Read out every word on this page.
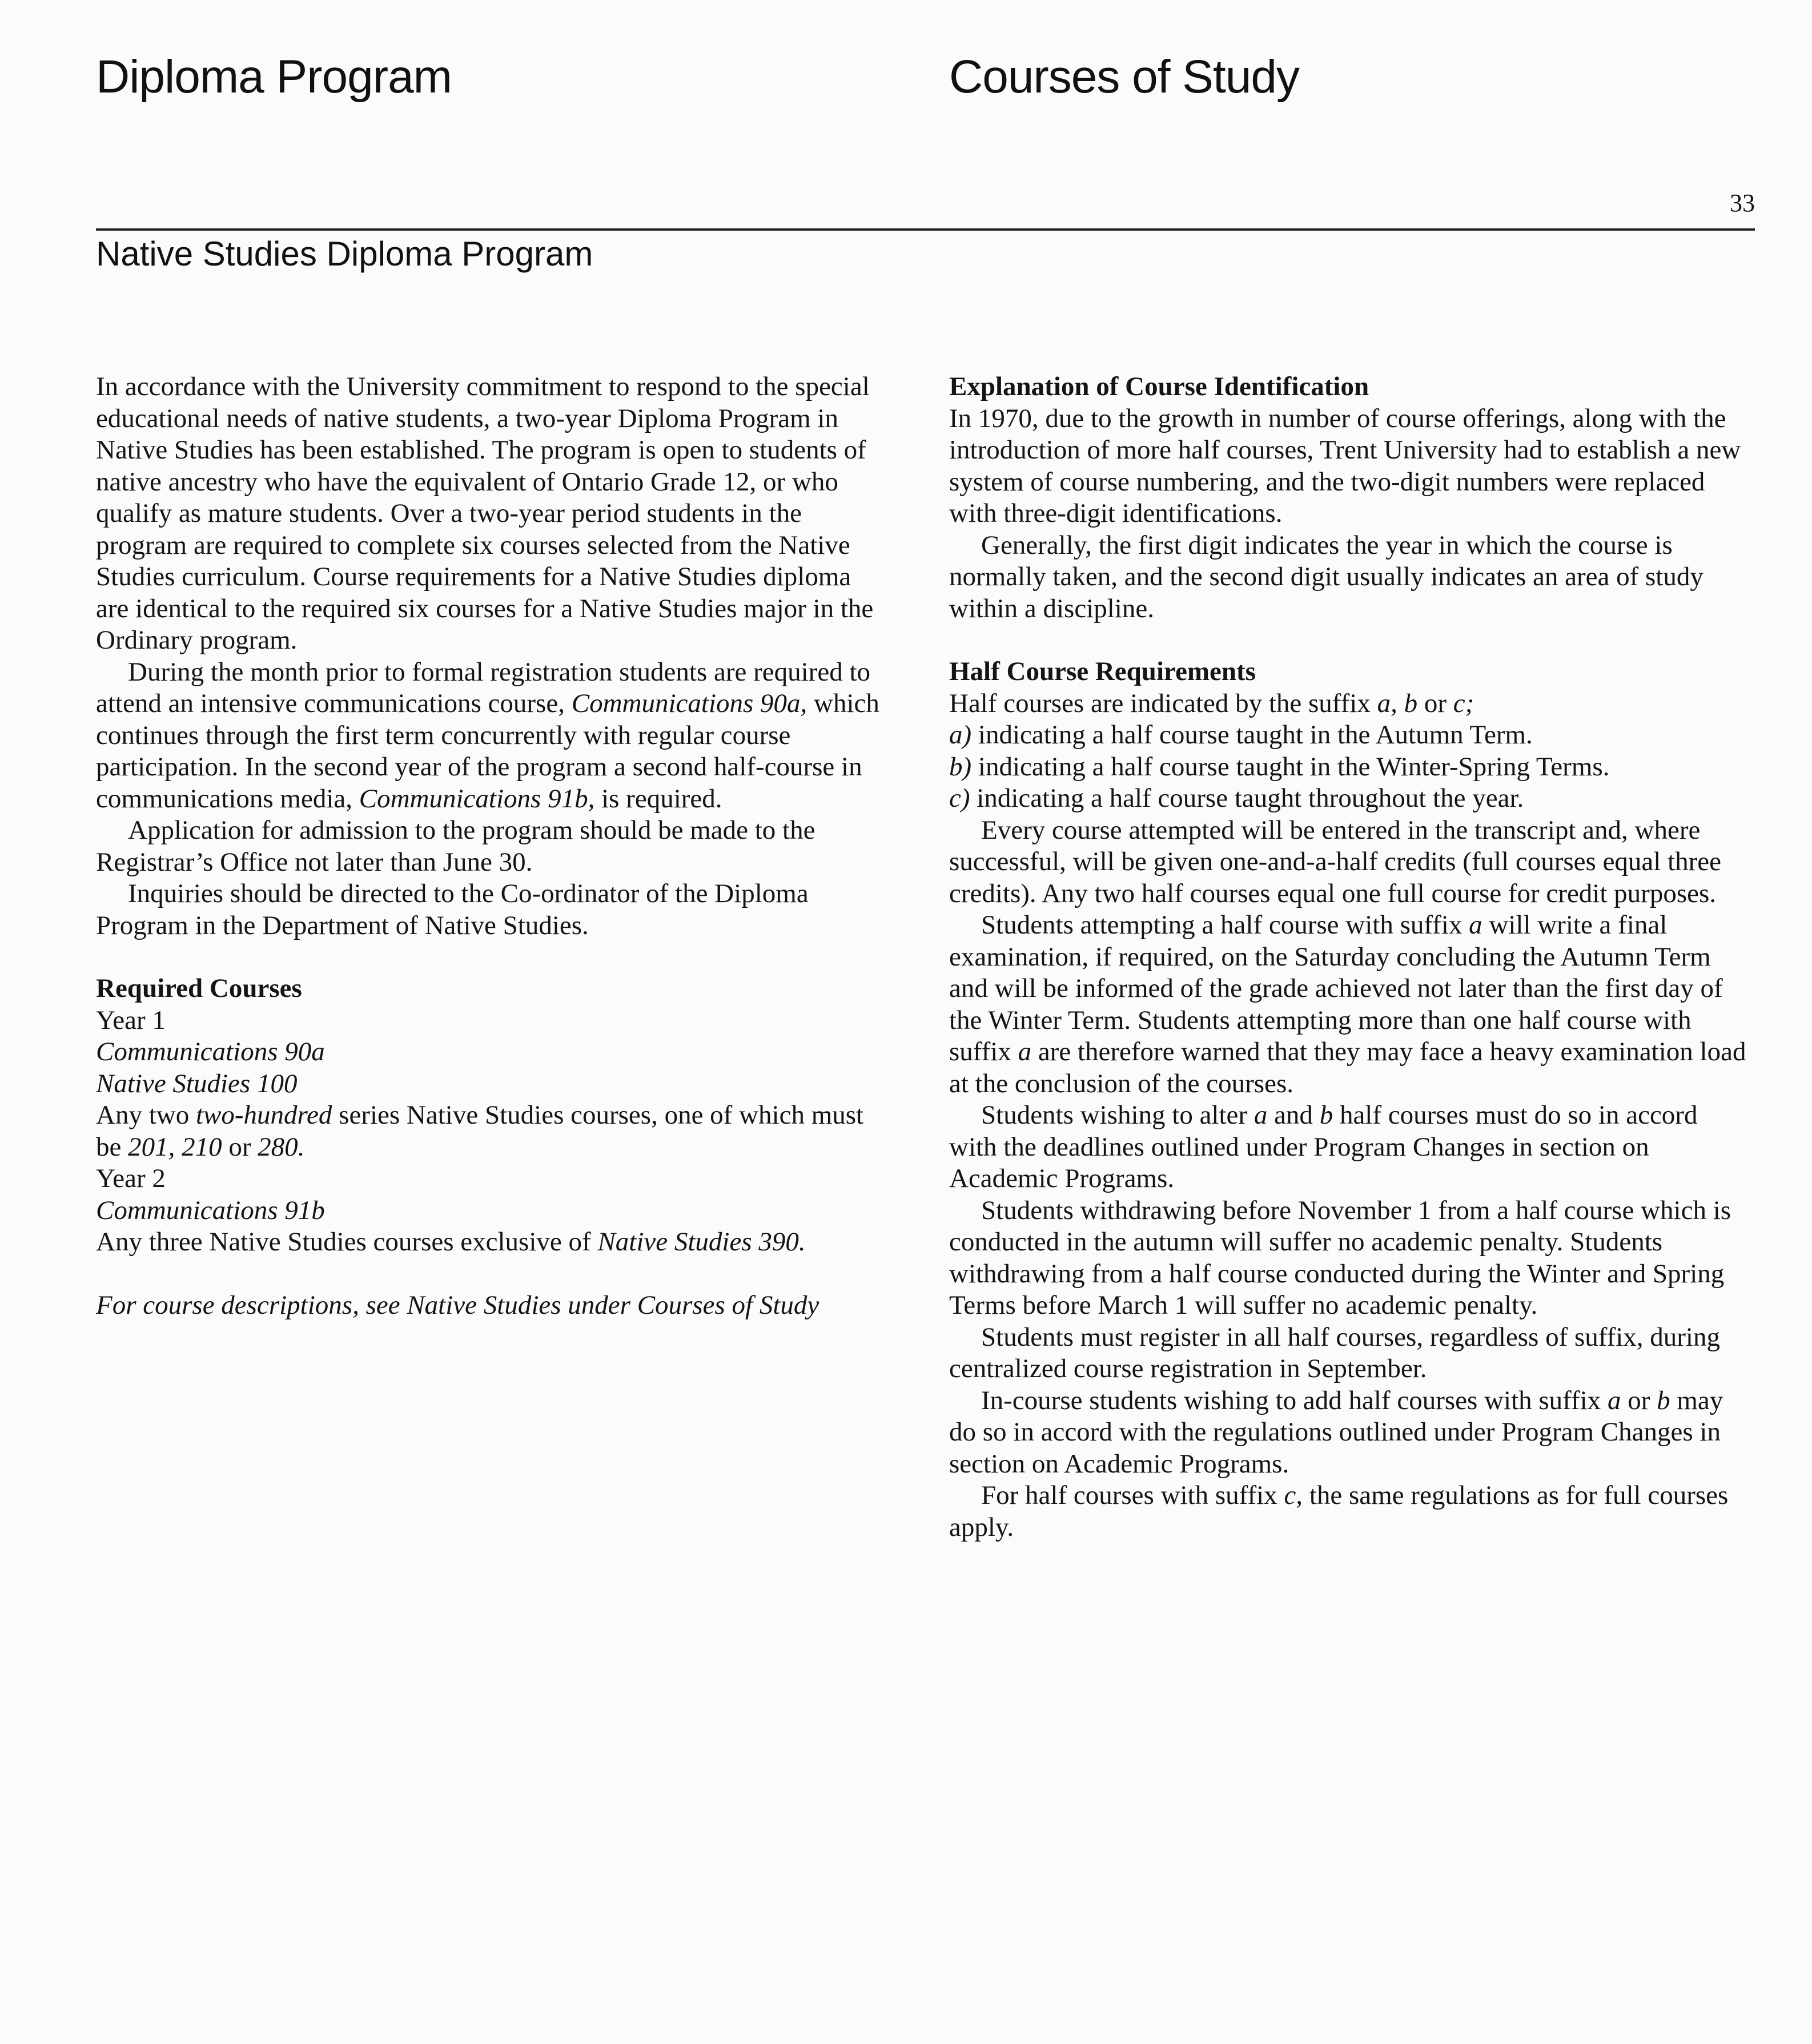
Diploma Program	Courses of Study
33
Native Studies Diploma Program

In accordance with the University commitment to respond to the special educational needs of native students, a two-year Diploma Program in Native Studies has been established. The program is open to students of native ancestry who have the equivalent of Ontario Grade 12, or who qualify as mature students. Over a two-year period students in the program are required to complete six courses selected from the Native Studies curriculum. Course requirements for a Native Studies diploma are identical to the required six courses for a Native Studies major in the Ordinary program.

During the month prior to formal registration students are required to attend an intensive communications course, Communications 90a, which continues through the first term concurrently with regular course participation. In the second year of the program a second half-course in communications media, Communications 91b, is required.

Application for admission to the program should be made to the Registrar’s Office not later than June 30.

Inquiries should be directed to the Co-ordinator of the Diploma Program in the Department of Native Studies.

Required Courses

Year 1

Communications 90a

Native Studies 100

Any two two-hundred series Native Studies courses, one of which must be 201, 210 or 280.

Year 2

Communications 91b

Any three Native Studies courses exclusive of Native Studies 390.

For course descriptions, see Native Studies under Courses of Study

Explanation of Course Identification

In 1970, due to the growth in number of course offerings, along with the introduction of more half courses, Trent University had to establish a new system of course numbering, and the two-digit numbers were replaced with three-digit identifications.

Generally, the first digit indicates the year in which the course is normally taken, and the second digit usually indicates an area of study within a discipline.

Half Course Requirements

Half courses are indicated by the suffix a, b or c;

a) indicating a half course taught in the Autumn Term.

b) indicating a half course taught in the Winter-Spring Terms.

c) indicating a half course taught throughout the year.

Every course attempted will be entered in the transcript and, where successful, will be given one-and-a-half credits (full courses equal three credits). Any two half courses equal one full course for credit purposes.

Students attempting a half course with suffix a will write a final examination, if required, on the Saturday concluding the Autumn Term and will be informed of the grade achieved not later than the first day of the Winter Term. Students attempting more than one half course with suffix a are therefore warned that they may face a heavy examination load at the conclusion of the courses.

Students wishing to alter a and b half courses must do so in accord with the deadlines outlined under Program Changes in section on Academic Programs.

Students withdrawing before November 1 from a half course which is conducted in the autumn will suffer no academic penalty. Students withdrawing from a half course conducted during the Winter and Spring Terms before March 1 will suffer no academic penalty.

Students must register in all half courses, regardless of suffix, during centralized course registration in September.

In-course students wishing to add half courses with suffix a or b may do so in accord with the regulations outlined under Program Changes in section on Academic Programs.

For half courses with suffix c, the same regulations as for full courses apply.
